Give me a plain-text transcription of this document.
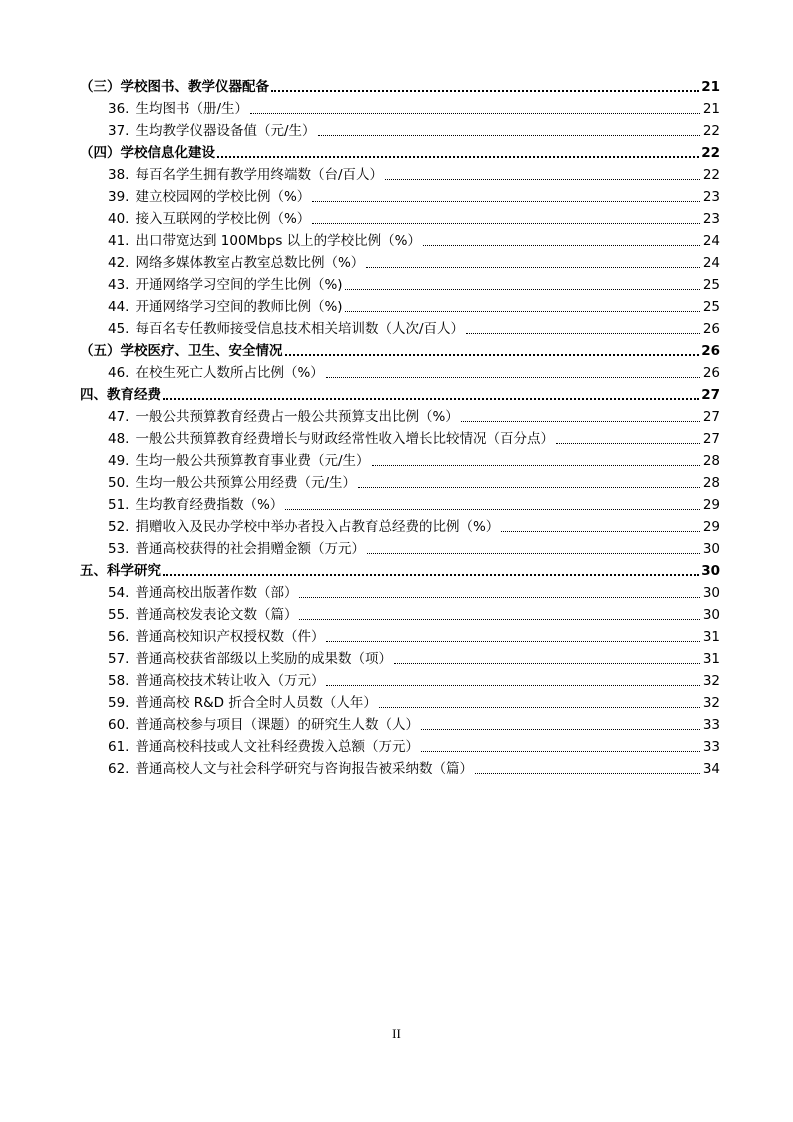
（三）学校图书、教学仪器配备	21
36. 生均图书（册/生）	21
37. 生均教学仪器设备值（元/生）	22
（四）学校信息化建设	22
38. 每百名学生拥有教学用终端数（台/百人）	22
39. 建立校园网的学校比例（%）	23
40. 接入互联网的学校比例（%）	23
41. 出口带宽达到 100Mbps 以上的学校比例（%）	24
42. 网络多媒体教室占教室总数比例（%）	24
43. 开通网络学习空间的学生比例（%)	25
44. 开通网络学习空间的教师比例（%)	25
45. 每百名专任教师接受信息技术相关培训数（人次/百人）	26
（五）学校医疗、卫生、安全情况	26
46. 在校生死亡人数所占比例（%）	26
四、教育经费	27
47. 一般公共预算教育经费占一般公共预算支出比例（%）	27
48. 一般公共预算教育经费增长与财政经常性收入增长比较情况（百分点）	27
49. 生均一般公共预算教育事业费（元/生）	28
50. 生均一般公共预算公用经费（元/生）	28
51. 生均教育经费指数（%）	29
52. 捐赠收入及民办学校中举办者投入占教育总经费的比例（%）	29
53. 普通高校获得的社会捐赠金额（万元）	30
五、科学研究	30
54. 普通高校出版著作数（部）	30
55. 普通高校发表论文数（篇）	30
56. 普通高校知识产权授权数（件）	31
57. 普通高校获省部级以上奖励的成果数（项）	31
58. 普通高校技术转让收入（万元）	32
59. 普通高校 R&D 折合全时人员数（人年）	32
60. 普通高校参与项目（课题）的研究生人数（人）	33
61. 普通高校科技或人文社科经费拨入总额（万元）	33
62. 普通高校人文与社会科学研究与咨询报告被采纳数（篇）	34
II
